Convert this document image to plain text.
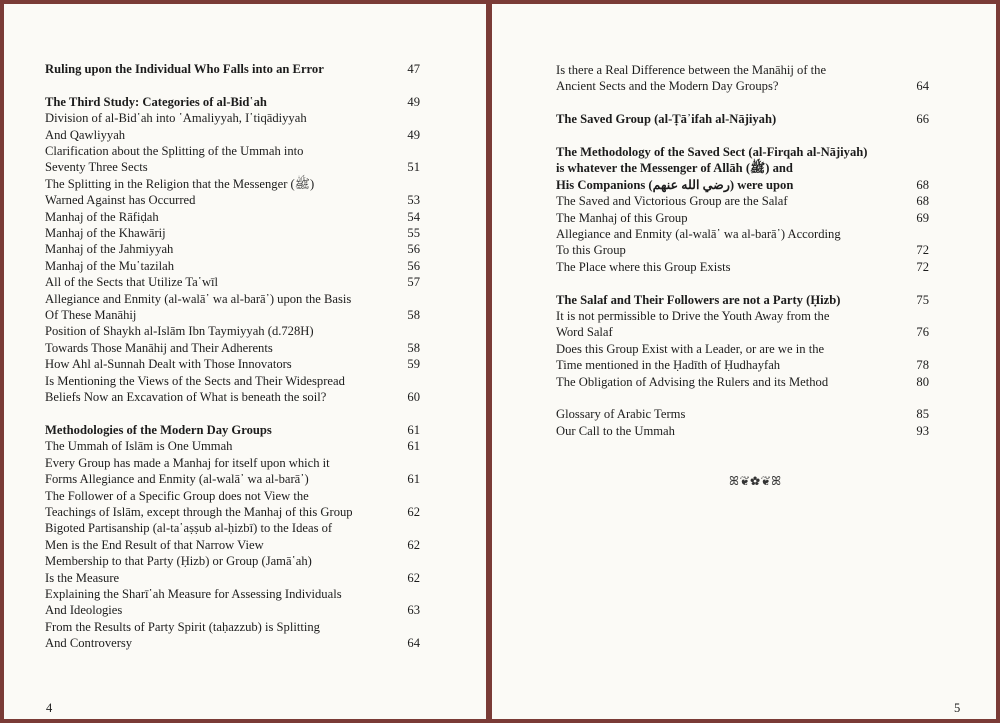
Ruling upon the Individual Who Falls into an Error	47
The Third Study: Categories of al-Bid῾ah	49
Division of al-Bid῾ah into ῾Amaliyyah, I῾tiqādiyyah
And Qawliyyah	49
Clarification about the Splitting of the Ummah into
Seventy Three Sects	51
The Splitting in the Religion that the Messenger (ﷺ)
Warned Against has Occurred	53
Manhaj of the Rāfiḍah	54
Manhaj of the Khawārij	55
Manhaj of the Jahmiyyah	56
Manhaj of the Mu῾tazilah	56
All of the Sects that Utilize Ta῾wīl	57
Allegiance and Enmity (al-walā᾽ wa al-barā᾽) upon the Basis
Of These Manāhij	58
Position of Shaykh al-Islām Ibn Taymiyyah (d.728H)
Towards Those Manāhij and Their Adherents	58
How Ahl al-Sunnah Dealt with Those Innovators	59
Is Mentioning the Views of the Sects and Their Widespread
Beliefs Now an Excavation of What is beneath the soil?	60
Methodologies of the Modern Day Groups	61
The Ummah of Islām is One Ummah	61
Every Group has made a Manhaj for itself upon which it
Forms Allegiance and Enmity (al-walā᾽ wa al-barā᾽)	61
The Follower of a Specific Group does not View the
Teachings of Islām, except through the Manhaj of this Group	62
Bigoted Partisanship (al-ta῾aṣṣub al-ḥizbī) to the Ideas of
Men is the End Result of that Narrow View	62
Membership to that Party (Ḥizb) or Group (Jamā῾ah)
Is the Measure	62
Explaining the Sharī῾ah Measure for Assessing Individuals
And Ideologies	63
From the Results of Party Spirit (taḥazzub) is Splitting
And Controversy	64
4
Is there a Real Difference between the Manāhij of the
Ancient Sects and the Modern Day Groups?	64
The Saved Group (al-Ṭā᾽ifah al-Nājiyah)	66
The Methodology of the Saved Sect (al-Firqah al-Nājiyah)
is whatever the Messenger of Allāh (ﷺ) and
His Companions (رضي الله عنهم) were upon	68
The Saved and Victorious Group are the Salaf	68
The Manhaj of this Group	69
Allegiance and Enmity (al-walā᾽ wa al-barā᾽) According
To this Group	72
The Place where this Group Exists	72
The Salaf and Their Followers are not a Party (Ḥizb)	75
It is not permissible to Drive the Youth Away from the
Word Salaf	76
Does this Group Exist with a Leader, or are we in the
Time mentioned in the Ḥadīth of Ḥudhayfah	78
The Obligation of Advising the Rulers and its Method	80
Glossary of Arabic Terms	85
Our Call to the Ummah	93
ꕤ❦✿❦ꕤ
5
